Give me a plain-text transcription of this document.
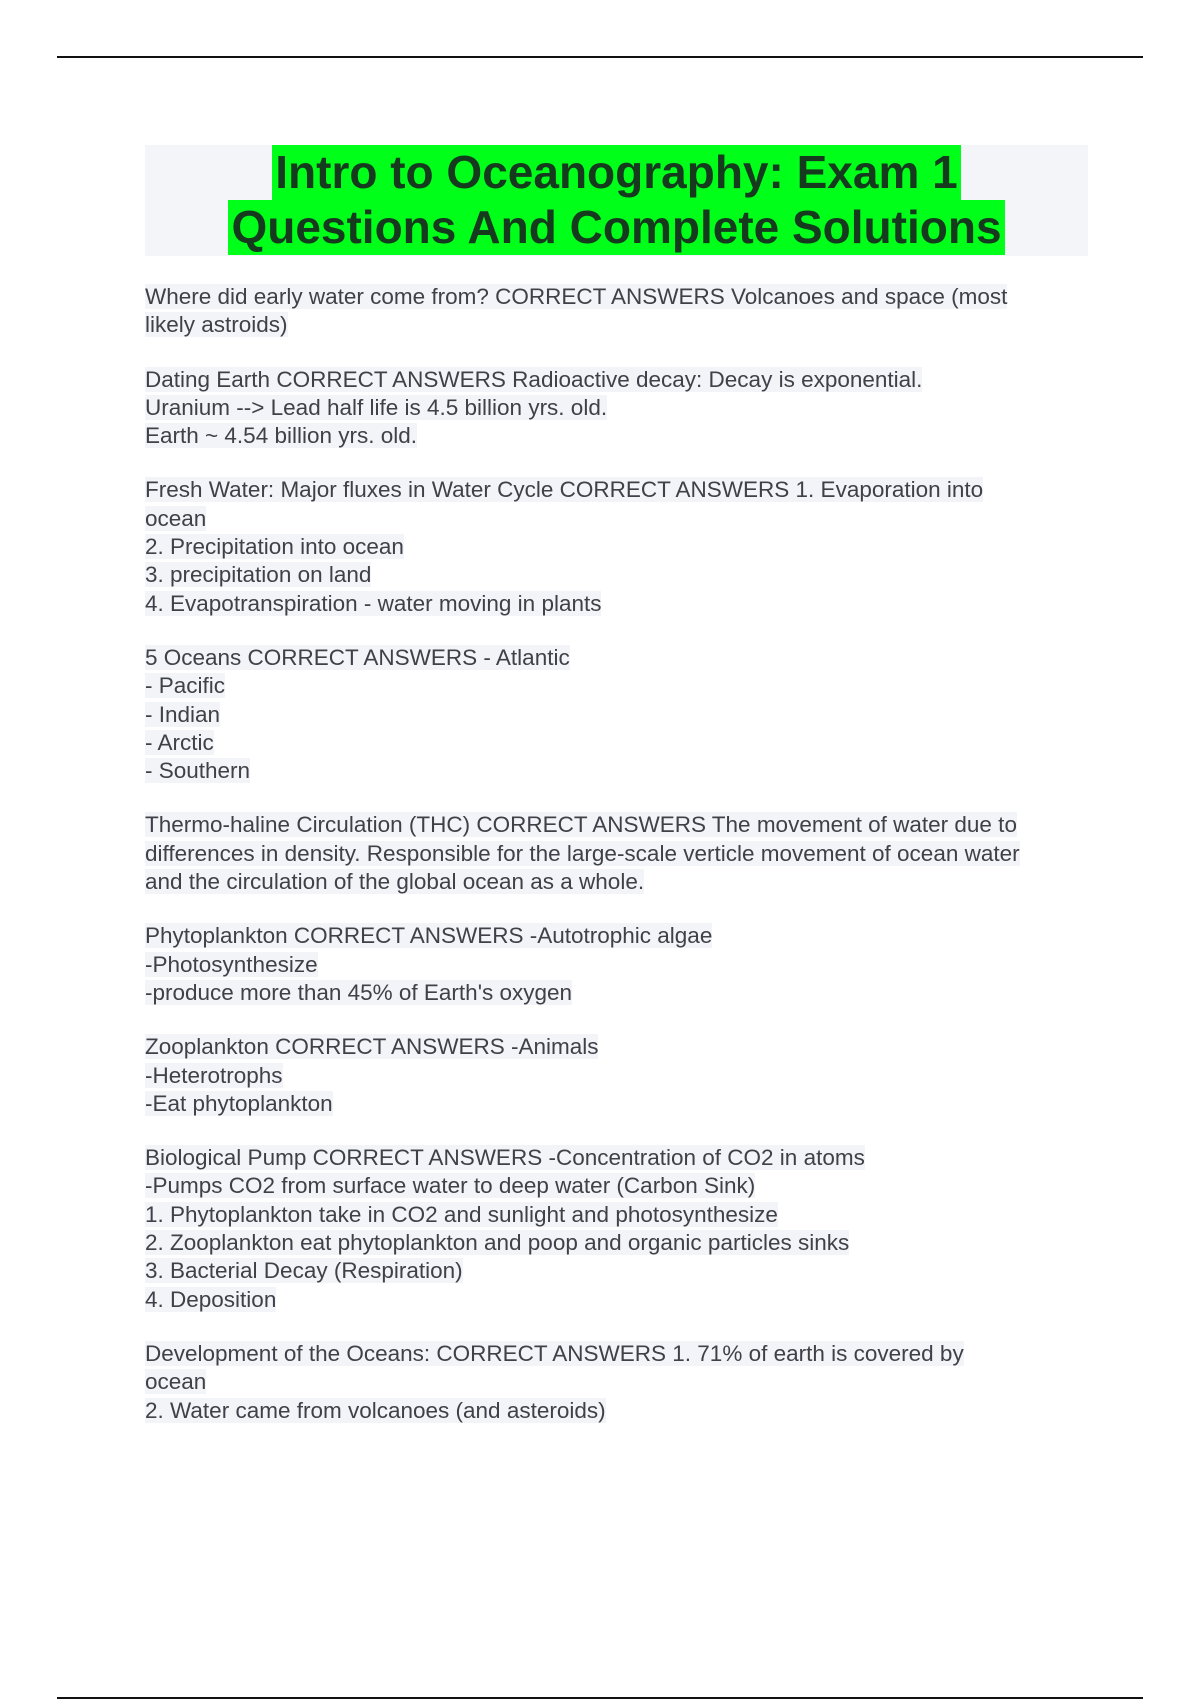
Intro to Oceanography: Exam 1
Questions And Complete Solutions
Where did early water come from? CORRECT ANSWERS Volcanoes and space (most
likely astroids)
Dating Earth CORRECT ANSWERS Radioactive decay: Decay is exponential.
Uranium --> Lead half life is 4.5 billion yrs. old.
Earth ~ 4.54 billion yrs. old.
Fresh Water: Major fluxes in Water Cycle CORRECT ANSWERS 1. Evaporation into
ocean
2. Precipitation into ocean
3. precipitation on land
4. Evapotranspiration - water moving in plants
5 Oceans CORRECT ANSWERS - Atlantic
- Pacific
- Indian
- Arctic
- Southern
Thermo-haline Circulation (THC) CORRECT ANSWERS The movement of water due to
differences in density. Responsible for the large-scale verticle movement of ocean water
and the circulation of the global ocean as a whole.
Phytoplankton CORRECT ANSWERS -Autotrophic algae
-Photosynthesize
-produce more than 45% of Earth's oxygen
Zooplankton CORRECT ANSWERS -Animals
-Heterotrophs
-Eat phytoplankton
Biological Pump CORRECT ANSWERS -Concentration of CO2 in atoms
-Pumps CO2 from surface water to deep water (Carbon Sink)
1. Phytoplankton take in CO2 and sunlight and photosynthesize
2. Zooplankton eat phytoplankton and poop and organic particles sinks
3. Bacterial Decay (Respiration)
4. Deposition
Development of the Oceans: CORRECT ANSWERS 1. 71% of earth is covered by
ocean
2. Water came from volcanoes (and asteroids)
